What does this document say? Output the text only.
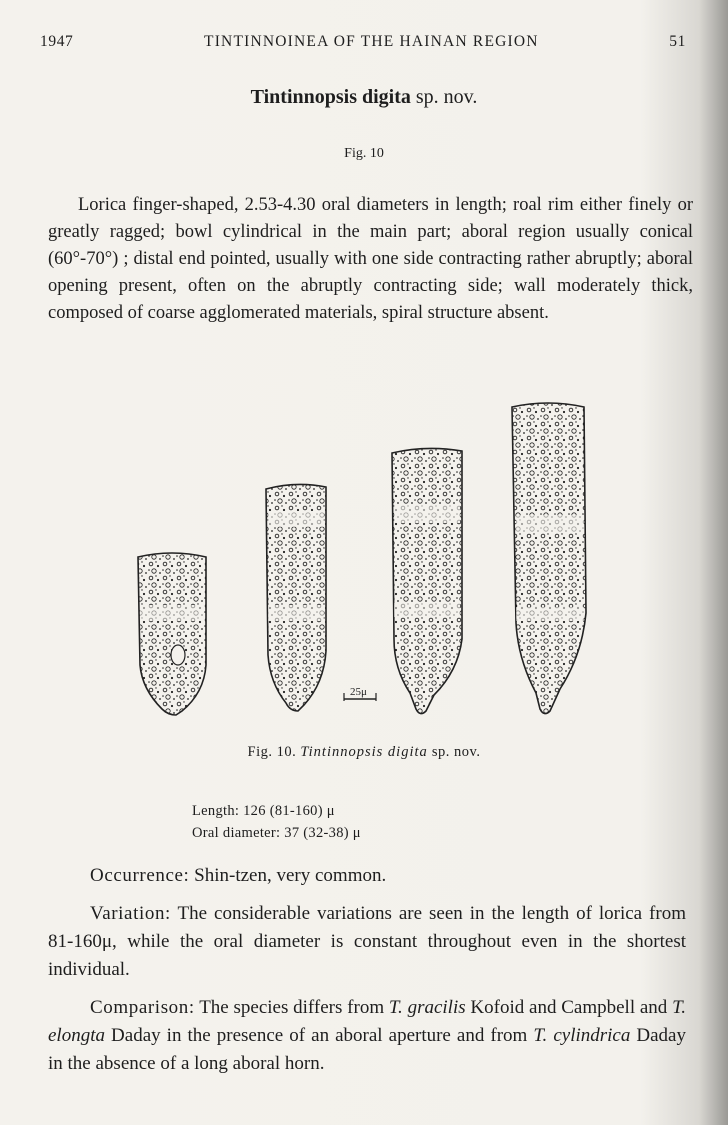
1947	TINTINNOINEA OF THE HAINAN REGION	51
Tintinnopsis digita sp. nov.
Fig. 10

Lorica finger-shaped, 2.53-4.30 oral diameters in length; roal rim either finely or greatly ragged; bowl cylindrical in the main part; aboral region usually conical (60°-70°) ; distal end pointed, usually with one side contracting rather abruptly; aboral opening present, often on the abruptly contracting side; wall moderately thick, composed of coarse agglomerated materials, spiral structure absent.

25μ
Fig. 10. Tintinnopsis digita sp. nov.
Length: 126 (81-160) μ
Oral diameter: 37 (32-38) μ

Occurrence: Shin-tzen, very common.

Variation: The considerable variations are seen in the length of lorica from 81-160μ, while the oral diameter is constant throughout even in the shortest individual.

Comparison: The species differs from T. gracilis Kofoid and Campbell and T. elongta Daday in the presence of an aboral aperture and from T. cylindrica Daday in the absence of a long aboral horn.
